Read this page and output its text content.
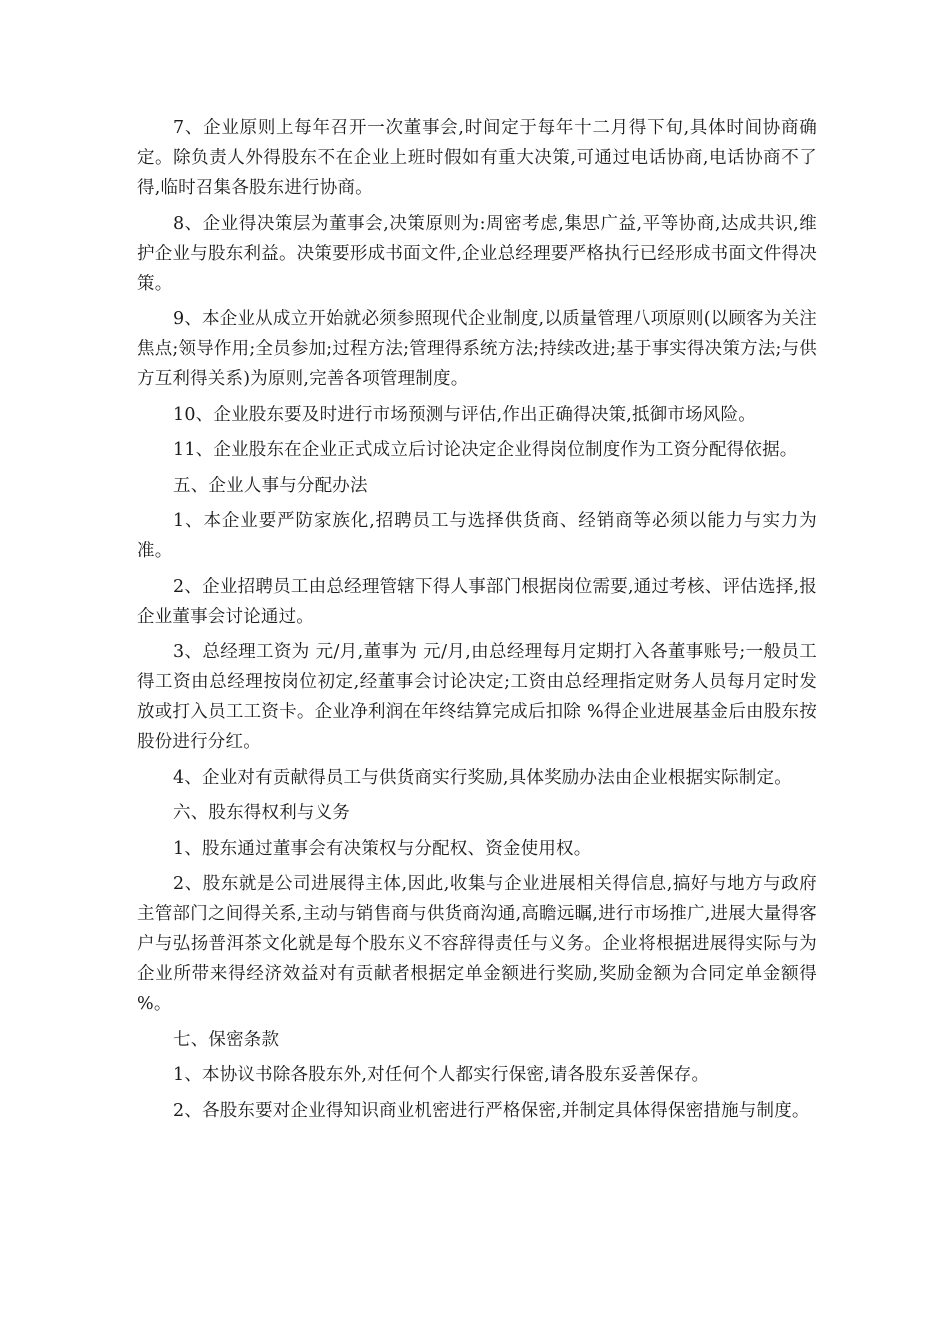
7、企业原则上每年召开一次董事会,时间定于每年十二月得下旬,具体时间协商确定。除负责人外得股东不在企业上班时假如有重大决策,可通过电话协商,电话协商不了得,临时召集各股东进行协商。

8、企业得决策层为董事会,决策原则为:周密考虑,集思广益,平等协商,达成共识,维护企业与股东利益。决策要形成书面文件,企业总经理要严格执行已经形成书面文件得决策。

9、本企业从成立开始就必须参照现代企业制度,以质量管理八项原则(以顾客为关注焦点;领导作用;全员参加;过程方法;管理得系统方法;持续改进;基于事实得决策方法;与供方互利得关系)为原则,完善各项管理制度。

10、企业股东要及时进行市场预测与评估,作出正确得决策,抵御市场风险。

11、企业股东在企业正式成立后讨论决定企业得岗位制度作为工资分配得依据。

五、企业人事与分配办法

1、本企业要严防家族化,招聘员工与选择供货商、经销商等必须以能力与实力为准。

2、企业招聘员工由总经理管辖下得人事部门根据岗位需要,通过考核、评估选择,报企业董事会讨论通过。

3、总经理工资为 元/月,董事为 元/月,由总经理每月定期打入各董事账号;一般员工得工资由总经理按岗位初定,经董事会讨论决定;工资由总经理指定财务人员每月定时发放或打入员工工资卡。企业净利润在年终结算完成后扣除 %得企业进展基金后由股东按股份进行分红。

4、企业对有贡献得员工与供货商实行奖励,具体奖励办法由企业根据实际制定。

六、股东得权利与义务

1、股东通过董事会有决策权与分配权、资金使用权。

2、股东就是公司进展得主体,因此,收集与企业进展相关得信息,搞好与地方与政府主管部门之间得关系,主动与销售商与供货商沟通,高瞻远瞩,进行市场推广,进展大量得客户与弘扬普洱茶文化就是每个股东义不容辞得责任与义务。企业将根据进展得实际与为企业所带来得经济效益对有贡献者根据定单金额进行奖励,奖励金额为合同定单金额得 %。

七、保密条款

1、本协议书除各股东外,对任何个人都实行保密,请各股东妥善保存。

2、各股东要对企业得知识商业机密进行严格保密,并制定具体得保密措施与制度。
